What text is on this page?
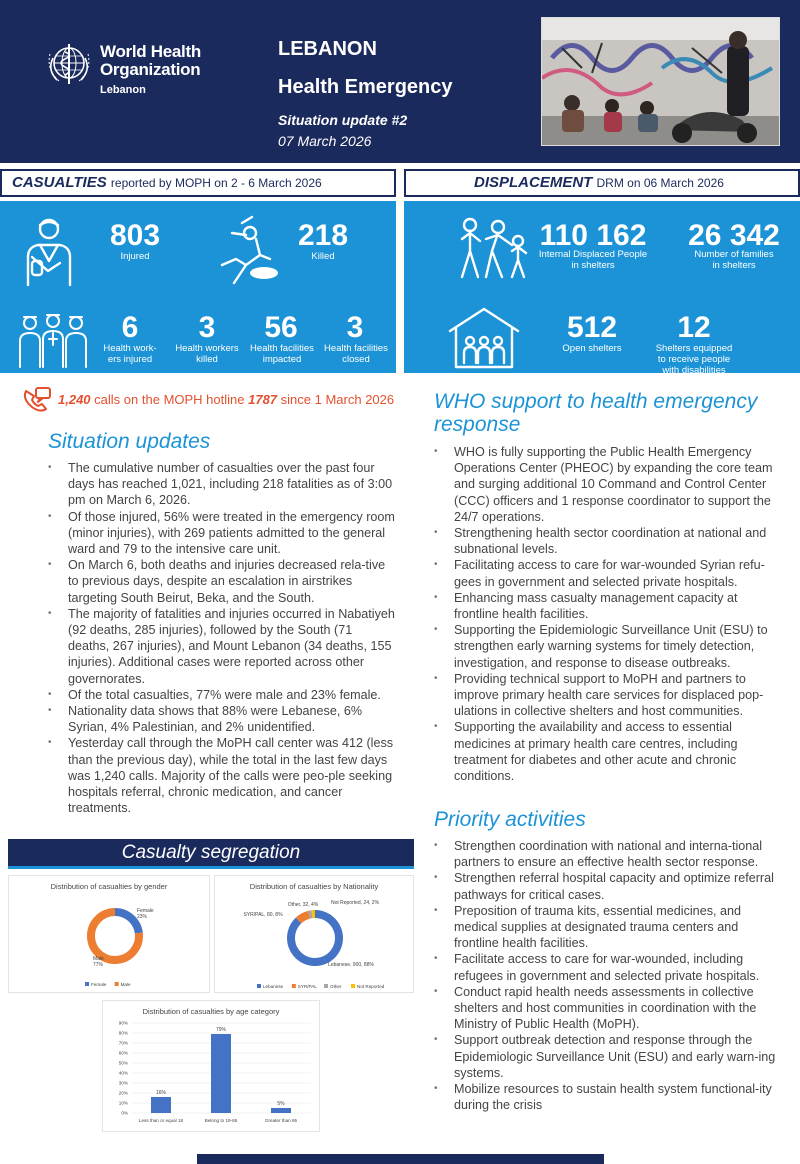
World Health
Organization
Lebanon
LEBANON
Health Emergency
Situation update #2
07 March 2026
CASUALTIES reported by MOPH on 2 - 6 March 2026	DISPLACEMENT DRM on 06 March 2026
803
Injured
218
Killed
6
Health work-
ers injured
3
Health workers
killed
56
Health facilities
impacted
3
Health facilities
closed
110 162
Internal Displaced People
in shelters
26 342
Number of families
in shelters
512
Open shelters
12
Shelters equipped
to receive people
with disabilities
1,240 calls on the MOPH hotline 1787 since 1 March 2026
Situation updates
• The cumulative number of casualties over the past four days has reached 1,021, including 218 fatalities as of 3:00 pm on March 6, 2026.
• Of those injured, 56% were treated in the emergency room (minor injuries), with 269 patients admitted to the general ward and 79 to the intensive care unit.
• On March 6, both deaths and injuries decreased rela-tive to previous days, despite an escalation in airstrikes targeting South Beirut, Beka, and the South.
• The majority of fatalities and injuries occurred in Nabatiyeh (92 deaths, 285 injuries), followed by the South (71 deaths, 267 injuries), and Mount Lebanon (34 deaths, 155 injuries). Additional cases were reported across other governorates.
• Of the total casualties, 77% were male and 23% female.
• Nationality data shows that 88% were Lebanese, 6% Syrian, 4% Palestinian, and 2% unidentified.
• Yesterday call through the MoPH call center was 412 (less than the previous day), while the total in the last few days was 1,240 calls. Majority of the calls were peo-ple seeking hospitals referral, chronic medication, and cancer treatments.
WHO support to health emergency
response
• WHO is fully supporting the Public Health Emergency Operations Center (PHEOC) by expanding the core team and surging additional 10 Command and Control Center (CCC) officers and 1 response coordinator to support the 24/7 operations.
• Strengthening health sector coordination at national and subnational levels.
• Facilitating access to care for war-wounded Syrian refu-gees in government and selected private hospitals.
• Enhancing mass casualty management capacity at frontline health facilities.
• Supporting the Epidemiologic Surveillance Unit (ESU) to strengthen early warning systems for timely detection, investigation, and response to disease outbreaks.
• Providing technical support to MoPH and partners to improve primary health care services for displaced pop-ulations in collective shelters and host communities.
• Supporting the availability and access to essential medicines at primary health care centres, including treatment for diabetes and other acute and chronic conditions.
Priority activities
• Strengthen coordination with national and interna-tional partners to ensure an effective health sector response.
• Strengthen referral hospital capacity and optimize referral pathways for critical cases.
• Preposition of trauma kits, essential medicines, and medical supplies at designated trauma centers and frontline health facilities.
• Facilitate access to care for war-wounded, including refugees in government and selected private hospitals.
• Conduct rapid health needs assessments in collective shelters and host communities in coordination with the Ministry of Public Health (MoPH).
• Support outbreak detection and response through the Epidemiologic Surveillance Unit (ESU) and early warn-ing systems.
• Mobilize resources to sustain health system functional-ity during the crisis
Casualty segregation
Distribution of casualties by gender
Female 23%
Male 77%
Female	Male
Distribution of casualties by Nationality
Lebanese, 900, 88%
SYR/PAL, 80, 8%
Other, 32, 4%	Not Reported, 24, 2%
Lebanese	SYR/PAL	Other	Not Reported
Distribution of casualties by age category
0%
10%
20%
30%
40%
50%
60%
70%
80%
90%
16%
Less than or equal 18
79%
Belong to 19-65
5%
Greater than 65
